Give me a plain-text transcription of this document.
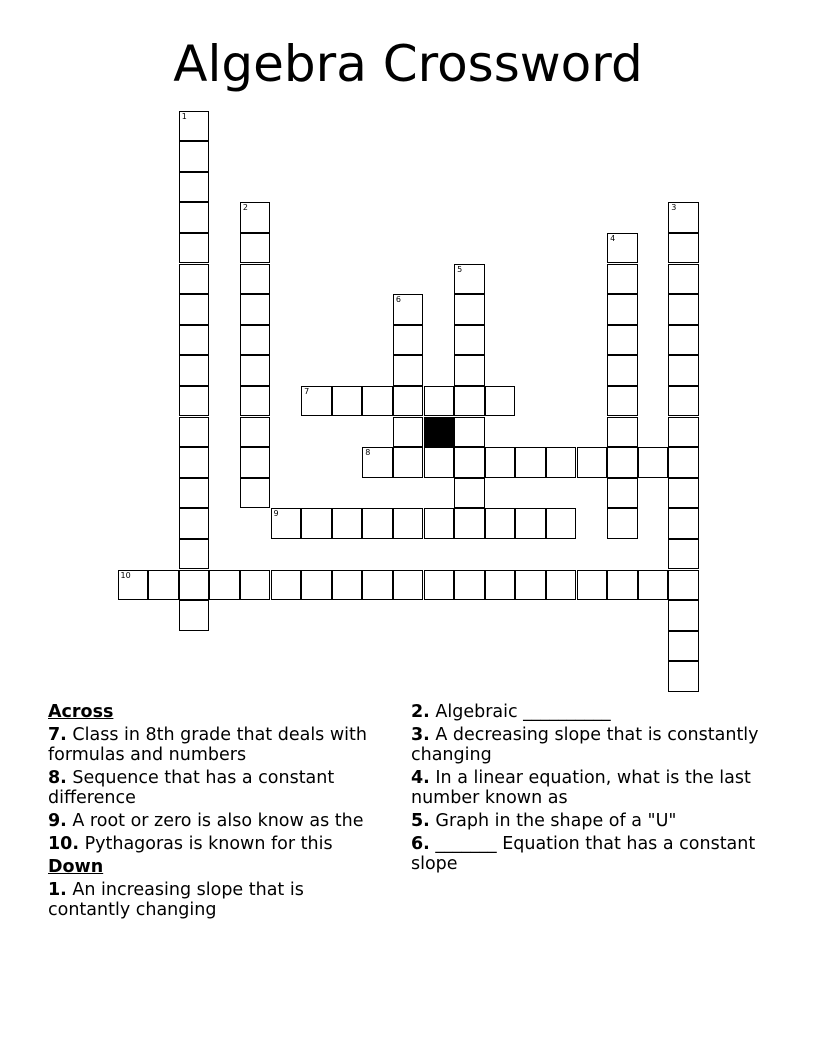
Algebra Crossword
1
2	3
4
5
6
7
8
9
10
Across
7. Class in 8th grade that deals with formulas and numbers
8. Sequence that has a constant difference
9. A root or zero is also know as the
10. Pythagoras is known for this
Down
1. An increasing slope that is contantly changing
2. Algebraic __________
3. A decreasing slope that is constantly changing
4. In a linear equation, what is the last number known as
5. Graph in the shape of a "U"
6. _______ Equation that has a constant slope
